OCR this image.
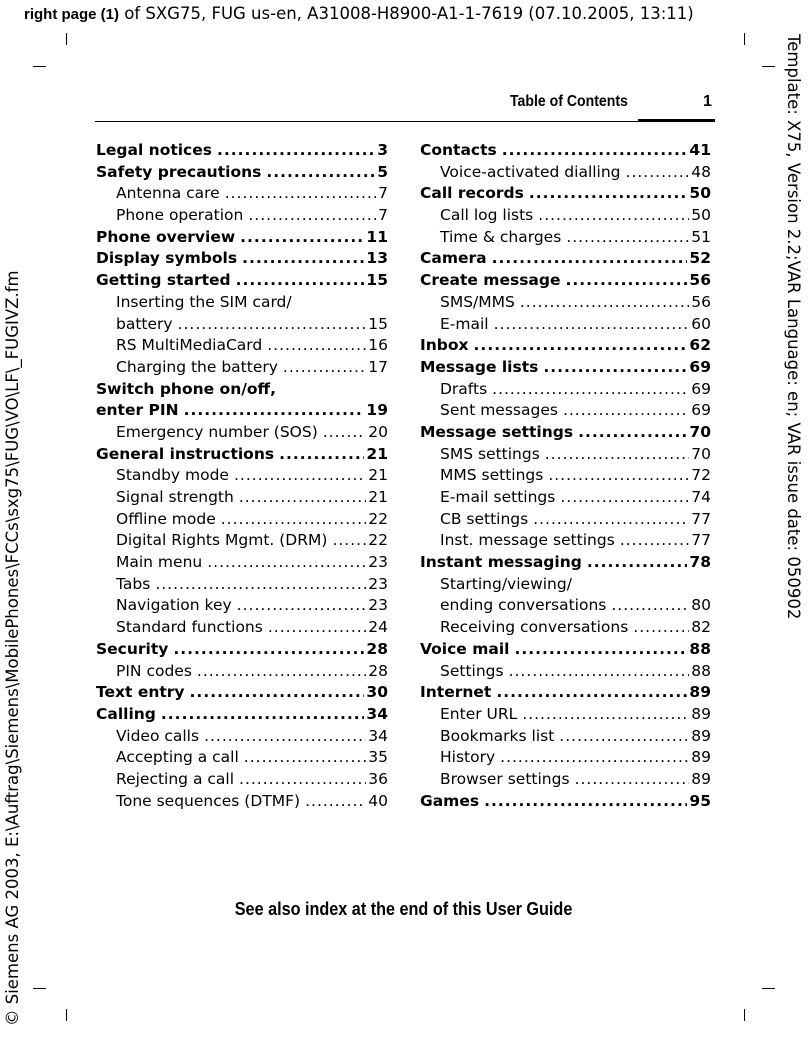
right page (1) of SXG75, FUG us-en, A31008-H8900-A1-1-7619 (07.10.2005, 13:11)
Template: X75, Version 2.2;VAR Language: en; VAR issue date: 050902
© Siemens AG 2003, E:\Auftrag\Siemens\MobilePhones\FCCs\sxg75\FUG\VO\LF\_FUGIVZ.fm
Table of Contents	1
Legal notices .....	3
Safety precautions .....	5
Antenna care .....	7
Phone operation .....	7
Phone overview .....	11
Display symbols .....	13
Getting started .....	15
Inserting the SIM card/
battery .....	15
RS MultiMediaCard .....	16
Charging the battery .....	17
Switch phone on/off,
enter PIN .....	19
Emergency number (SOS) .....	20
General instructions .....	21
Standby mode .....	21
Signal strength .....	21
Offline mode .....	22
Digital Rights Mgmt. (DRM) .....	22
Main menu .....	23
Tabs .....	23
Navigation key .....	23
Standard functions .....	24
Security .....	28
PIN codes .....	28
Text entry .....	30
Calling .....	34
Video calls .....	34
Accepting a call .....	35
Rejecting a call .....	36
Tone sequences (DTMF) .....	40
Contacts .....	41
Voice-activated dialling .....	48
Call records .....	50
Call log lists .....	50
Time & charges .....	51
Camera .....	52
Create message .....	56
SMS/MMS .....	56
E-mail .....	60
Inbox .....	62
Message lists .....	69
Drafts .....	69
Sent messages .....	69
Message settings .....	70
SMS settings .....	70
MMS settings .....	72
E-mail settings .....	74
CB settings .....	77
Inst. message settings .....	77
Instant messaging .....	78
Starting/viewing/
ending conversations .....	80
Receiving conversations .....	82
Voice mail .....	88
Settings .....	88
Internet .....	89
Enter URL .....	89
Bookmarks list .....	89
History .....	89
Browser settings .....	89
Games .....	95
See also index at the end of this User Guide
